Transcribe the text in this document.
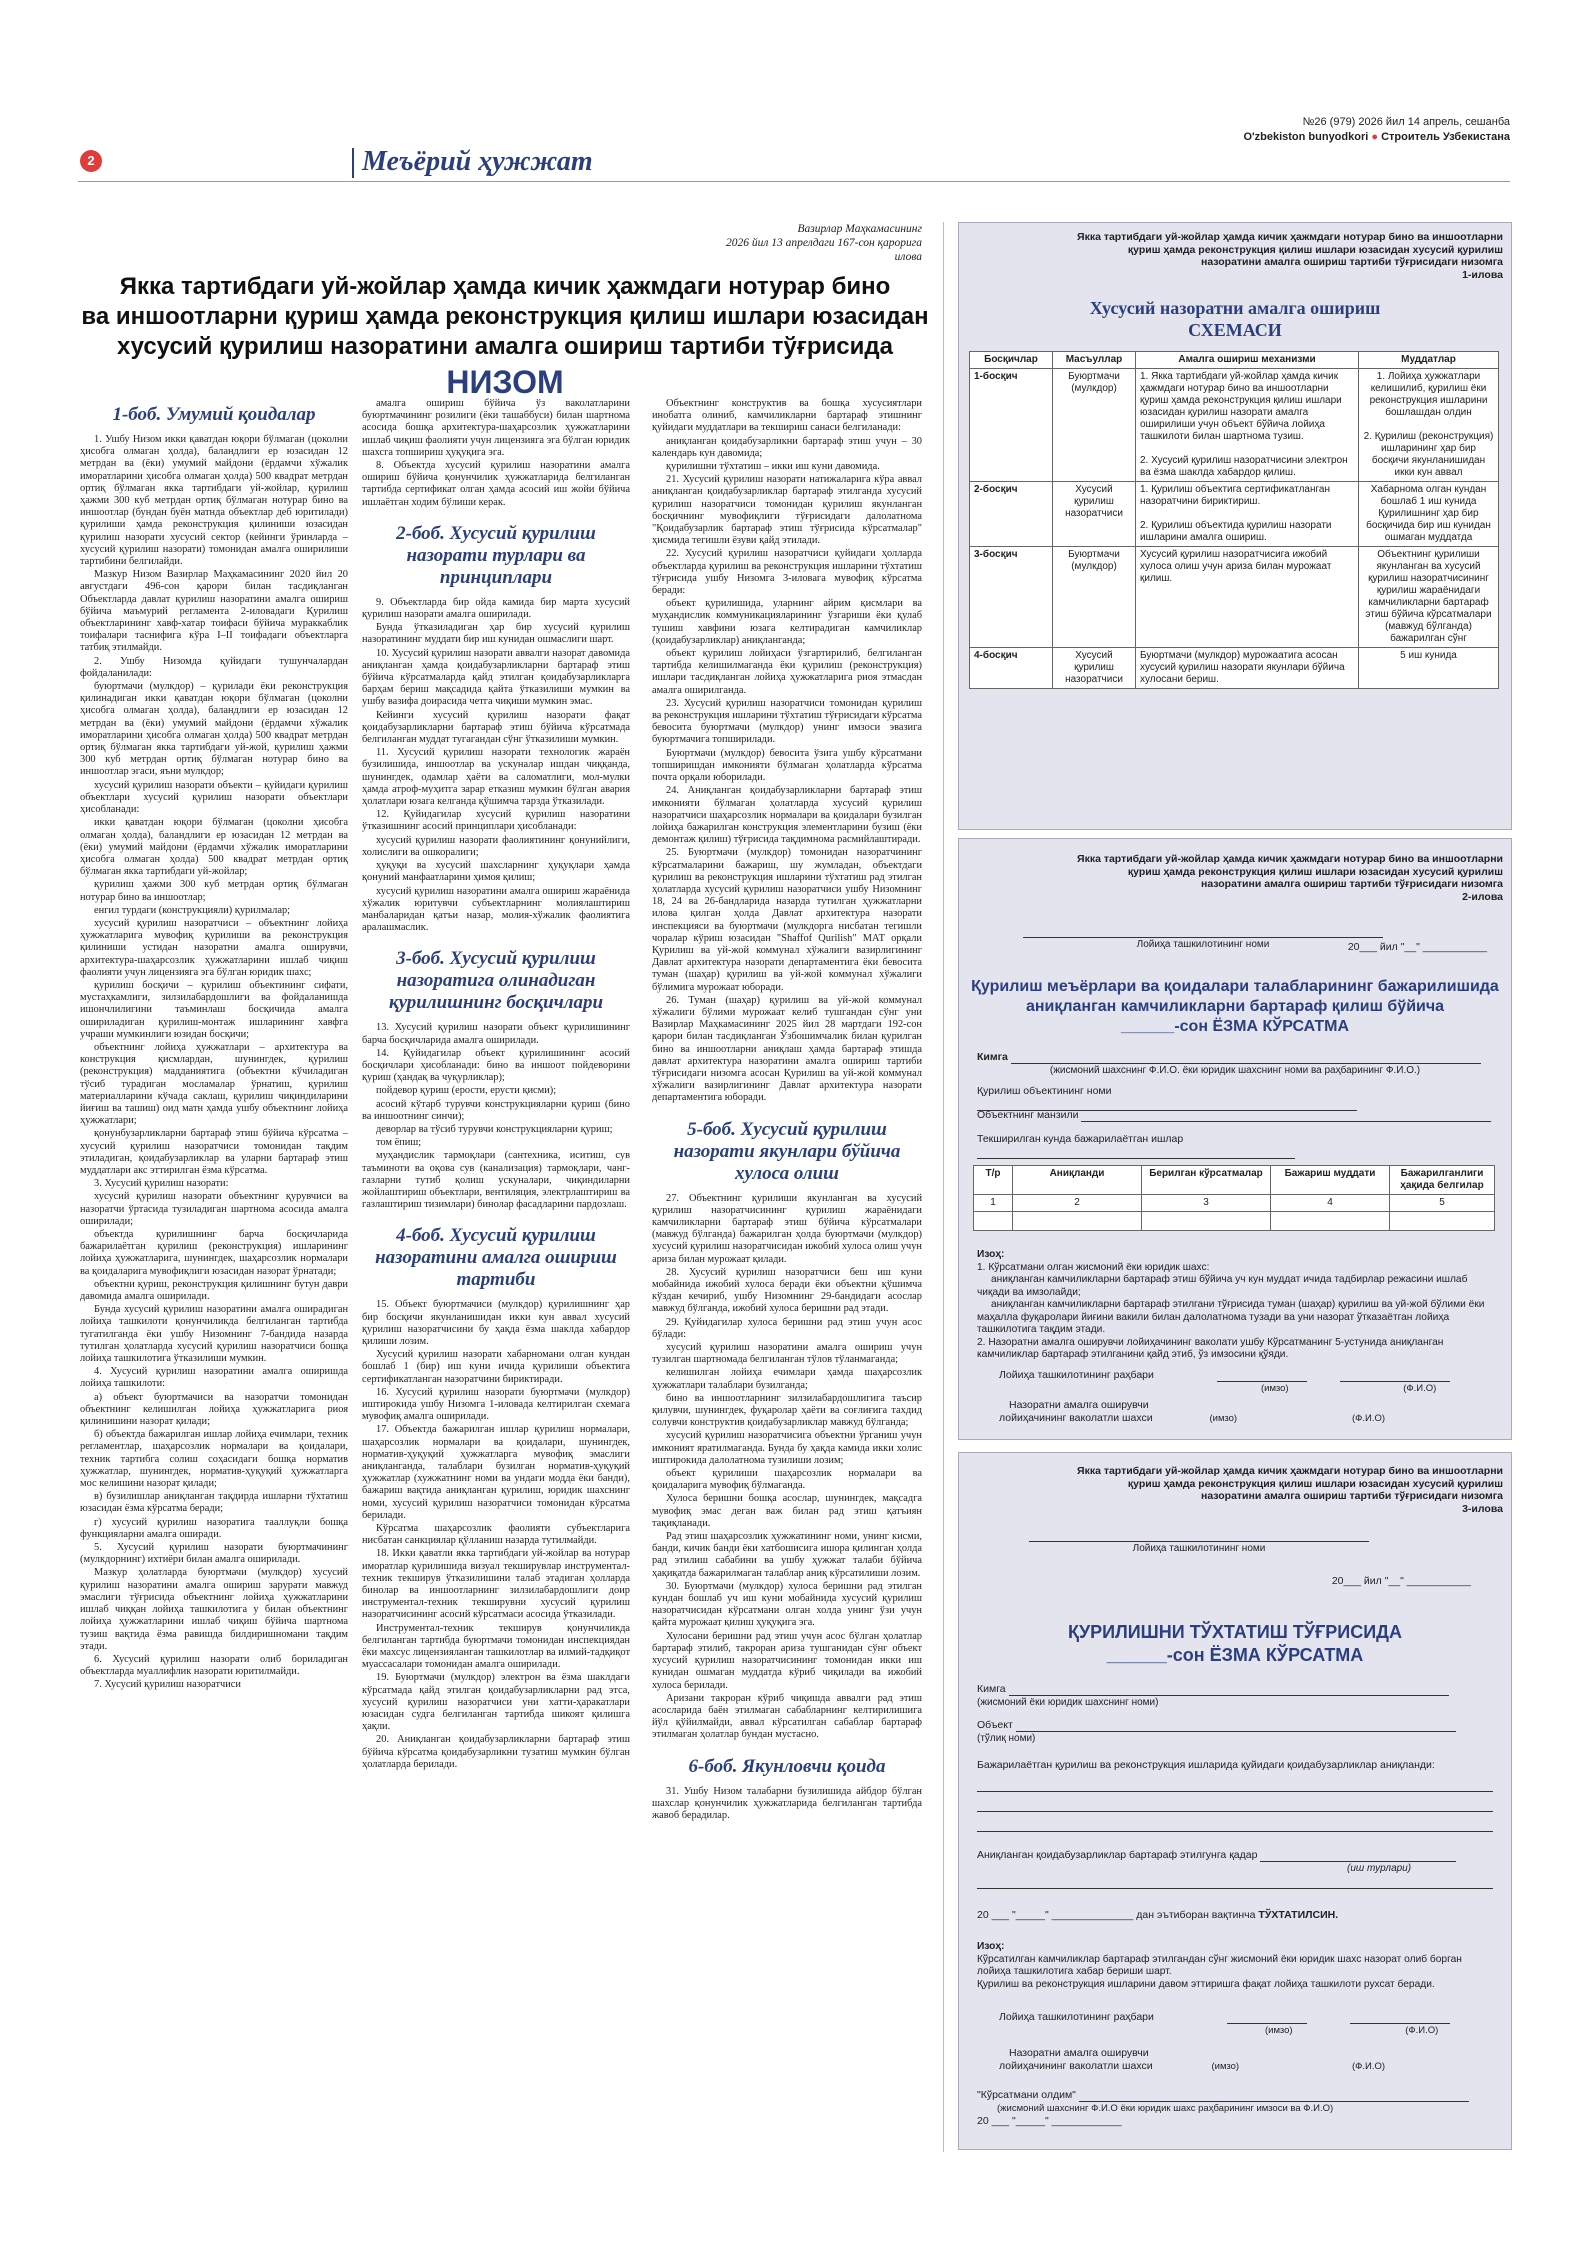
2	Меъёрий ҳужжат
№26 (979) 2026 йил 14 апрель, сешанба
O'zbekiston bunyodkori ● Строитель Узбекистана
Вазирлар Маҳкамасининг
2026 йил 13 апрелдаги 167-сон қарорига
илова
Якка тартибдаги уй-жойлар ҳамда кичик ҳажмдаги нотурар бино
ва иншоотларни қуриш ҳамда реконструкция қилиш ишлари юзасидан
хусусий қурилиш назоратини амалга ошириш тартиби тўғрисида
НИЗОМ
1-боб. Умумий қоидалар

1. Ушбу Низом икки қаватдан юқори бўлмаган (цоколни ҳисобга олмаган ҳолда), баландлиги ер юзасидан 12 метрдан ва (ёки) умумий майдони (ёрдамчи хўжалик иморатларини ҳисобга олмаган ҳолда) 500 квадрат метрдан ортиқ бўлмаган якка тартибдаги уй-жойлар, қурилиш ҳажми 300 куб метрдан ортиқ бўлмаган нотурар бино ва иншоотлар (бундан буён матнда объектлар деб юритилади) қурилиши ҳамда реконструкция қилиниши юзасидан қурилиш назорати хусусий сектор (кейинги ўринларда – хусусий қурилиш назорати) томонидан амалга оширилиши тартибини белгилайди.

Мазкур Низом Вазирлар Маҳкамасининг 2020 йил 20 августдаги 496-сон қарори билан тасдиқланган Объектларда давлат қурилиш назоратини амалга ошириш бўйича маъмурий регламента 2-иловадаги Қурилиш объектларининг хавф-хатар тоифаси бўйича мураккаблик тоифалари таснифига кўра I–II тоифадаги объектларга татбиқ этилмайди.

2. Ушбу Низомда қуйидаги тушунчалардан фойдаланилади:

буюртмачи (мулкдор) – қурилади ёки реконструкция қилинадиган икки қаватдан юқори бўлмаган (цоколни ҳисобга олмаган ҳолда), баландлиги ер юзасидан 12 метрдан ва (ёки) умумий майдони (ёрдамчи хўжалик иморатларини ҳисобга олмаган ҳолда) 500 квадрат метрдан ортиқ бўлмаган якка тартибдаги уй-жой, қурилиш ҳажми 300 куб метрдан ортиқ бўлмаган нотурар бино ва иншоотлар эгаси, яъни мулкдор;

хусусий қурилиш назорати объекти – қуйидаги қурилиш объектлари хусусий қурилиш назорати объектлари ҳисобланади:

икки қаватдан юқори бўлмаган (цоколни ҳисобга олмаган ҳолда), баландлиги ер юзасидан 12 метрдан ва (ёки) умумий майдони (ёрдамчи хўжалик иморатларини ҳисобга олмаган ҳолда) 500 квадрат метрдан ортиқ бўлмаган якка тартибдаги уй-жойлар;

қурилиш ҳажми 300 куб метрдан ортиқ бўлмаган нотурар бино ва иншоотлар;

енгил турдаги (конструкцияли) қурилмалар;

хусусий қурилиш назоратчиси – объектнинг лойиҳа ҳужжатларига мувофиқ қурилиши ва реконструкция қилиниши устидан назоратни амалга оширувчи, архитектура-шаҳарсозлик ҳужжатларини ишлаб чиқиш фаолияти учун лицензияга эга бўлган юридик шахс;

қурилиш босқичи – қурилиш объектининг сифати, мустаҳкамлиги, зилзилабардошлиги ва фойдаланишда ишончлилигини таъминлаш босқичида амалга ошириладиган қурилиш-монтаж ишларининг хавфга учраши мумкинлиги юзидан босқичи;

объектнинг лойиҳа ҳужжатлари – архитектура ва конструкция қисмлардан, шунингдек, қурилиш (реконструкция) мадданиятига (объектни кўчиладиган тўсиб турадиган мосламалар ўрнатиш, қурилиш материалларини кўчада саклаш, қурилиш чиқиндиларини йиғиш ва ташиш) оид матн ҳамда ушбу объектнинг лойиҳа ҳужжатлари;

қонунбузарликларни бартараф этиш бўйича кўрсатма – хусусий қурилиш назоратчиси томонидан тақдим этиладиган, қоидабузарликлар ва уларни бартараф этиш муддатлари акс эттирилган ёзма кўрсатма.

3. Хусусий қурилиш назорати:

хусусий қурилиш назорати объектнинг қурувчиси ва назоратчи ўртасида тузиладиган шартнома асосида амалга оширилади;

объектда қурилишнинг барча босқичларида бажарилаётган қурилиш (реконструкция) ишларининг лойиҳа ҳужжатларига, шунингдек, шаҳарсозлик нормалари ва қоидаларига мувофиқлиги юзасидан назорат ўрнатади;

объектни қуриш, реконструкция қилишнинг бутун даври давомида амалга оширилади.

Бунда хусусий қурилиш назоратини амалга оширадиган лойиҳа ташкилоти қонунчиликда белгиланган тартибда тугатилганда ёки ушбу Низомнинг 7-бандида назарда тутилган ҳолатларда хусусий қурилиш назоратчиси бошқа лойиҳа ташкилотига ўтказилиши мумкин.

4. Хусусий қурилиш назоратини амалга оширишда лойиҳа ташкилоти:

а) объект буюртмачиси ва назоратчи томонидан объектнинг келишилган лойиҳа ҳужжатларига риоя қилинишини назорат қилади;

б) объектда бажарилган ишлар лойиҳа ечимлари, техник регламентлар, шаҳарсозлик нормалари ва қоидалари, техник тартибга солиш соҳасидаги бошқа норматив ҳужжатлар, шунингдек, норматив-ҳуқуқий ҳужжатларга мос келишини назорат қилади;

в) бузилишлар аниқланган тақдирда ишларни тўхтатиш юзасидан ёзма кўрсатма беради;

г) хусусий қурилиш назоратига тааллуқли бошқа функцияларни амалга оширади.

5. Хусусий қурилиш назорати буюртмачининг (мулкдорнинг) ихтиёри билан амалга оширилади.

Мазкур ҳолатларда буюртмачи (мулкдор) хусусий қурилиш назоратини амалга ошириш зарурати мавжуд эмаслиги тўғрисида объектнинг лойиҳа ҳужжатларини ишлаб чиққан лойиҳа ташкилотига у билан объектнинг лойиҳа ҳужжатларини ишлаб чиқиш бўйича шартнома тузиш вақтида ёзма равишда билдиришномани тақдим этади.

6. Хусусий қурилиш назорати олиб бориладиган объектларда муаллифлик назорати юритилмайди.

7. Хусусий қурилиш назоратчиси

амалга ошириш бўйича ўз ваколатларини буюртмачининг розилиги (ёки ташаббуси) билан шартнома асосида бошқа архитектура-шаҳарсозлик ҳужжатларини ишлаб чиқиш фаолияти учун лицензияга эга бўлган юридик шахсга топшириш ҳуқуқига эга.

8. Объектда хусусий қурилиш назоратини амалга ошириш бўйича қонунчилик ҳужжатларида белгиланган тартибда сертификат олган ҳамда асосий иш жойи бўйича ишлаётган ходим бўлиши керак.

2-боб. Хусусий қурилиш назорати турлари ва принциплари

9. Объектларда бир ойда камида бир марта хусусий қурилиш назорати амалга оширилади.

Бунда ўтказиладиган ҳар бир хусусий қурилиш назоратининг муддати бир иш кунидан ошмаслиги шарт.

10. Хусусий қурилиш назорати аввалги назорат давомида аниқланган ҳамда қоидабузарликларни бартараф этиш бўйича кўрсатмаларда қайд этилган қоидабузарликларга барҳам бериш мақсадида қайта ўтказилиши мумкин ва ушбу вазифа доирасида четга чиқиши мумкин эмас.

Кейинги хусусий қурилиш назорати фақат қоидабузарликларни бартараф этиш бўйича кўрсатмада белгиланган муддат тугагандан сўнг ўтказилиши мумкин.

11. Хусусий қурилиш назорати технологик жараён бузилишида, иншоотлар ва ускуналар ишдан чиққанда, шунингдек, одамлар ҳаёти ва саломатлиги, мол-мулки ҳамда атроф-муҳитга зарар етказиш мумкин бўлган авария ҳолатлари юзага келганда қўшимча тарзда ўтказилади.

12. Қуйидагилар хусусий қурилиш назоратини ўтказишнинг асосий принциплари ҳисобланади:

хусусий қурилиш назорати фаолиятининг қонунийлиги, холислиги ва ошкоралиги;

ҳуқуқи ва хусусий шахсларнинг ҳуқуқлари ҳамда қонуний манфаатларини ҳимоя қилиш;

хусусий қурилиш назоратини амалга ошириш жараёнида хўжалик юритувчи субъектларнинг молиялаштириш манбаларидан қатъи назар, молия-хўжалик фаолиятига аралашмаслик.

3-боб. Хусусий қурилиш назоратига олинадиган қурилишнинг босқичлари

13. Хусусий қурилиш назорати объект қурилишининг барча босқичларида амалга оширилади.

14. Қуйидагилар объект қурилишининг асосий босқичлари ҳисобланади: бино ва иншоот пойдеворини қуриш (ҳандақ ва чуқурликлар);

пойдевор қуриш (ерости, ерусти қисми);

асосий кўтарб турувчи конструкцияларни қуриш (бино ва иншоотнинг синчи);

деворлар ва тўсиб турувчи конструкцияларни қуриш;

том ёпиш;

муҳандислик тармоқлари (сантехника, иситиш, сув таъминоти ва оқова сув (канализация) тармоқлари, чанг-газларни тутиб қолиш ускуналари, чиқиндиларни жойлаштириш объектлари, вентиляция, электрлаштириш ва газлаштириш тизимлари) бинолар фасадларини пардозлаш.

4-боб. Хусусий қурилиш назоратини амалга ошириш тартиби

15. Объект буюртмачиси (мулкдор) қурилишнинг ҳар бир босқичи якунланишидан икки кун аввал хусусий қурилиш назоратчисини бу ҳақда ёзма шаклда хабардор қилиши лозим.

Хусусий қурилиш назорати хабарномани олган кундан бошлаб 1 (бир) иш куни ичида қурилиши объектига сертификатланган назоратчини бириктиради.

16. Хусусий қурилиш назорати буюртмачи (мулкдор) иштирокида ушбу Низомга 1-иловада келтирилган схемага мувофиқ амалга оширилади.

17. Объектда бажарилган ишлар қурилиш нормалари, шаҳарсозлик нормалари ва қоидалари, шунингдек, норматив-ҳуқуқий ҳужжатларга мувофиқ эмаслиги аниқланганда, талаблари бузилган норматив-ҳуқуқий ҳужжатлар (хужжатнинг номи ва ундаги модда ёки банди), бажариш вақтида аниқланган қурилиш, юридик шахснинг номи, хусусий қурилиш назоратчиси томонидан кўрсатма берилади.

Кўрсатма шаҳарсозлик фаолияти субъектларига нисбатан санкциялар қўлланиш назарда тутилмайди.

18. Икки қаватли якка тартибдаги уй-жойлар ва нотурар иморатлар қурилишида визуал текширувлар инструментал-техник текширув ўтказилишини талаб этадиган ҳолларда бинолар ва иншоотларнинг зилзилабардошлиги доир инструментал-техник текширувни хусусий қурилиш назоратчисининг асосий кўрсатмаси асосида ўтказилади.

Инструментал-техник текширув қонунчиликда белгиланган тартибда буюртмачи томонидан инспекциядан ёки махсус лицензияланган ташкилотлар ва илмий-тадқиқот муассасалари томонидан амалга оширилади.

19. Буюртмачи (мулкдор) электрон ва ёзма шаклдаги кўрсатмада қайд этилган қоидабузарликларни рад этса, хусусий қурилиш назоратчиси уни хатти-ҳаракатлари юзасидан судга белгиланган тартибда шикоят қилишга ҳақли.

20. Аниқланган қоидабузарликларни бартараф этиш бўйича кўрсатма қоидабузарликни тузатиш мумкин бўлган ҳолатларда берилади.

Объектнинг конструктив ва бошқа хусусиятлари инобатга олиниб, камчиликларни бартараф этишнинг қуйидаги муддатлари ва текшириш санаси белгиланади:

аниқланган қоидабузарликни бартараф этиш учун – 30 календарь кун давомида;

қурилишни тўхтатиш – икки иш куни давомида.

21. Хусусий қурилиш назорати натижаларига кўра аввал аниқланган қоидабузарликлар бартараф этилганда хусусий қурилиш назоратчиси томонидан қурилиш якунланган босқичнинг мувофиқлиги тўғрисидаги далолатнома "Қоидабузарлик бартараф этиш тўғрисида кўрсатмалар" ҳисмида тегишли ёзуви қайд этилади.

22. Хусусий қурилиш назоратчиси қуйидаги ҳолларда объектларда қурилиш ва реконструкция ишларини тўхтатиш тўғрисида ушбу Низомга 3-иловага мувофиқ кўрсатма беради:

объект қурилишида, уларнинг айрим қисмлари ва муҳандислик коммуникацияларининг ўзгариши ёки қулаб тушиш хавфини юзага келтирадиган камчиликлар (қоидабузарликлар) аниқланганда;

объект қурилиш лойиҳаси ўзгартирилиб, белгиланган тартибда келишилмаганда ёки қурилиш (реконструкция) ишлари тасдиқланган лойиҳа ҳужжатларига риоя этмасдан амалга оширилганда.

23. Хусусий қурилиш назоратчиси томонидан қурилиш ва реконструкция ишларини тўхтатиш тўғрисидаги кўрсатма бевосита буюртмачи (мулкдор) унинг имзоси эвазига буюртмачига топширилади.

Буюртмачи (мулкдор) бевосита ўзига ушбу кўрсатмани топширишдан имконияти бўлмаган ҳолатларда кўрсатма почта орқали юборилади.

24. Аниқланган қоидабузарликларни бартараф этиш имконияти бўлмаган ҳолатларда хусусий қурилиш назоратчиси шаҳарсозлик нормалари ва қоидалари бузилган лойиҳа бажарилган конструкция элементларини бузиш (ёки демонтаж қилиш) тўғрисида тақдимнома расмийлаштиради.

25. Буюртмачи (мулкдор) томонидан назоратчининг кўрсатмаларини бажариш, шу жумладан, объектдаги қурилиш ва реконструкция ишларини тўхтатиш рад этилган ҳолатларда хусусий қурилиш назоратчиси ушбу Низомнинг 18, 24 ва 26-бандларида назарда тутилган ҳужжатларни илова қилган ҳолда Давлат архитектура назорати инспекцияси ва буюртмачи (мулкдорга нисбатан тегишли чоралар кўриш юзасидан "Shaffof Qurilish" МАТ орқали Қурилиш ва уй-жой коммунал хўжалиги вазирлигининг Давлат архитектура назорати департаментига ёки бевосита туман (шаҳар) қурилиш ва уй-жой коммунал хўжалиги бўлимига мурожаат юборади.

26. Туман (шаҳар) қурилиш ва уй-жой коммунал хўжалиги бўлими мурожаат келиб тушгандан сўнг уни Вазирлар Маҳкамасининг 2025 йил 28 мартдаги 192-сон қарори билан тасдиқланган Ўзбошимчалик билан қурилган бино ва иншоотларни аниқлаш ҳамда бартараф этишда давлат архитектура назоратини амалга ошириш тартиби тўғрисидаги низомга асосан Қурилиш ва уй-жой коммунал хўжалиги вазирлигининг Давлат архитектура назорати департаментига юборади.

5-боб. Хусусий қурилиш назорати якунлари бўйича хулоса олиш

27. Объектнинг қурилиши якунланган ва хусусий қурилиш назоратчисининг қурилиш жараёнидаги камчиликларни бартараф этиш бўйича кўрсатмалари (мавжуд бўлганда) бажарилган ҳолда буюртмачи (мулкдор) хусусий қурилиш назоратчисидан ижобий хулоса олиш учун ариза билан мурожаат қилади.

28. Хусусий қурилиш назоратчиси беш иш куни мобайнида ижобий хулоса беради ёки объектни қўшимча кўздан кечириб, ушбу Низомнинг 29-бандидаги асослар мавжуд бўлганда, ижобий хулоса беришни рад этади.

29. Қуйидагилар хулоса беришни рад этиш учун асос бўлади:

хусусий қурилиш назоратини амалга ошириш учун тузилган шартномада белгиланган тўлов тўланмаганда;

келишилган лойиҳа ечимлари ҳамда шаҳарсозлик ҳужжатлари талаблари бузилганда;

бино ва иншоотларнинг зилзилабардошлигига таъсир қилувчи, шунингдек, фуқаролар ҳаёти ва соғлиғига тахдид солувчи конструктив қоидабузарликлар мавжуд бўлганда;

хусусий қурилиш назоратчисига объектни ўрганиш учун имконият яратилмаганда. Бунда бу ҳақда камида икки холис иштирокида далолатнома тузилиши лозим;

объект қурилиши шаҳарсозлик нормалари ва қоидаларига мувофиқ бўлмаганда.

Хулоса беришни бошқа асослар, шунингдек, мақсадга мувофиқ эмас деган важ билан рад этиш қатъиян тақиқланади.

Рад этиш шаҳарсозлик ҳужжатининг номи, унинг кисми, банди, кичик банди ёки хатбошисига ишора қилинган ҳолда рад этилиш сабабини ва ушбу ҳужжат талаби бўйича ҳақиқатда бажарилмаган талаблар аниқ кўрсатилиши лозим.

30. Буюртмачи (мулкдор) хулоса беришни рад этилган кундан бошлаб уч иш куни мобайнида хусусий қурилиш назоратчисидан кўрсатмани олган холда унинг ўзи учун қайта мурожаат қилиш ҳуқуқига эга.

Хулосани беришни рад этиш учун асос бўлган ҳолатлар бартараф этилиб, такроран ариза тушганидан сўнг объект хусусий қурилиш назоратчисининг томонидан икки иш кунидан ошмаган муддатда кўриб чиқилади ва ижобий хулоса берилади.

Аризани такроран кўриб чиқишда аввалги рад этиш асосларида баён этилмаган сабабларнинг келтирилишига йўл қўйилмайди, аввал кўрсатилган сабаблар бартараф этилмаган ҳолатлар бундан мустасно.

6-боб. Якунловчи қоида

31. Ушбу Низом талабарни бузилишида айбдор бўлган шахслар қонунчилик ҳужжатларида белгиланган тартибда жавоб берадилар.

Якка тартибдаги уй-жойлар ҳамда кичик ҳажмдаги нотурар бино ва иншоотларни
қуриш ҳамда реконструкция қилиш ишлари юзасидан хусусий қурилиш
назоратини амалга ошириш тартиби тўғрисидаги низомга
1-илова
Хусусий назоратни амалга ошириш
СХЕМАСИ
Босқичлар	Масъуллар	Амалга ошириш механизми	Муддатлар
1-босқич	Буюртмачи (мулкдор)	1. Якка тартибдаги уй-жойлар ҳамда кичик ҳажмдаги нотурар бино ва иншоотларни қуриш ҳамда реконструкция қилиш ишлари юзасидан қурилиш назорати амалга оширилиши учун объект бўйича лойиҳа ташкилоти билан шартнома тузиш.

2. Хусусий қурилиш назоратчисини электрон ва ёзма шаклда хабардор қилиш.	1. Лойиҳа ҳужжатлари келишилиб, қурилиш ёки реконструкция ишларини бошлашдан олдин

2. Қурилиш (реконструкция) ишларининг ҳар бир босқичи якунланишидан икки кун аввал
2-босқич	Хусусий қурилиш назоратчиси	1. Қурилиш объектига сертификатланган назоратчини бириктириш.

2. Қурилиш объектида қурилиш назорати ишларини амалга ошириш.	Хабарнома олган кундан бошлаб 1 иш кунида Қурилишнинг ҳар бир босқичида бир иш кунидан ошмаган муддатда
3-босқич	Буюртмачи (мулкдор)	Хусусий қурилиш назоратчисига ижобий хулоса олиш учун ариза билан мурожаат қилиш.	Объектнинг қурилиши якунланган ва хусусий қурилиш назоратчисининг қурилиш жараёнидаги камчиликларни бартараф этиш бўйича кўрсатмалари (мавжуд бўлганда) бажарилган сўнг
4-босқич	Хусусий қурилиш назоратчиси	Буюртмачи (мулкдор) мурожаатига асосан хусусий қурилиш назорати якунлари бўйича хулосани бериш.	5 иш кунида
Якка тартибдаги уй-жойлар ҳамда кичик ҳажмдаги нотурар бино ва иншоотларни
қуриш ҳамда реконструкция қилиш ишлари юзасидан хусусий қурилиш
назоратини амалга ошириш тартиби тўғрисидаги низомга
2-илова
Лойиҳа ташкилотининг номи	20___ йил "__" ___________
Қурилиш меъёрлари ва қоидалари талабларининг бажарилишида
аниқланган камчиликларни бартараф қилиш бўйича
______-сон ЁЗМА КЎРСАТМА
Кимга
(жисмоний шахснинг Ф.И.О. ёки юридик шахснинг номи ва раҳбарининг Ф.И.О.)
Қурилиш объектининг номи
Объектнинг манзили
Текширилган кунда бажарилаётган ишлар
Т/р	Аниқланди	Берилган кўрсатмалар	Бажариш муддати	Бажарилганлиги ҳақида белгилар
1	2	3	4	5

Изоҳ:
1. Кўрсатмани олган жисмоний ёки юридик шахс:
аниқланган камчиликларни бартараф этиш бўйича уч кун муддат ичида тадбирлар режасини ишлаб чиқади ва имзолайди;
аниқланган камчиликларни бартараф этилгани тўғрисида туман (шаҳар) қурилиш ва уй-жой бўлими ёки маҳалла фуқаролари йиғини вакили билан далолатнома тузади ва уни назорат ўтказаётган лойиҳа ташкилотига тақдим этади.
2. Назоратни амалга оширувчи лойиҳачининг ваколати ушбу Кўрсатманинг 5-устунида аниқланган камчиликлар бартараф этилганини қайд этиб, ўз имзосини қўяди.
Лойиҳа ташкилотининг раҳбари
(имзо)	(Ф.И.О)
Назоратни амалга оширувчи
лойиҳачининг ваколатли шахси	(имзо)	(Ф.И.О)
Якка тартибдаги уй-жойлар ҳамда кичик ҳажмдаги нотурар бино ва иншоотларни
қуриш ҳамда реконструкция қилиш ишлари юзасидан хусусий қурилиш
назоратини амалга ошириш тартиби тўғрисидаги низомга
3-илова
Лойиҳа ташкилотининг номи
20___ йил "__" ___________
ҚУРИЛИШНИ ТЎХТАТИШ ТЎҒРИСИДА
______-сон ЁЗМА КЎРСАТМА
Кимга
(жисмоний ёки юридик шахснинг номи)
Объект
(тўлиқ номи)
Бажарилаётган қурилиш ва реконструкция ишларида қуйидаги қоидабузарликлар аниқланди:
Аниқланган қоидабузарликлар бартараф этилгунга қадар
(иш турлари)
20 ___ "_____" ______________ дан эътиборан вақтинча ТЎХТАТИЛСИН.
Изоҳ:
Кўрсатилган камчиликлар бартараф этилгандан сўнг жисмоний ёки юридик шахс назорат олиб борган лойиҳа ташкилотига хабар бериши шарт.
Қурилиш ва реконструкция ишларини давом эттиришга фақат лойиҳа ташкилоти рухсат беради.
Лойиҳа ташкилотининг раҳбари
(имзо)	(Ф.И.О)
Назоратни амалга оширувчи
лойиҳачининг ваколатли шахси	(имзо)	(Ф.И.О)
"Кўрсатмани олдим"
(жисмоний шахснинг Ф.И.О ёки юридик шахс раҳбарининг имзоси ва Ф.И.О)
20 ___ "_____" ____________
